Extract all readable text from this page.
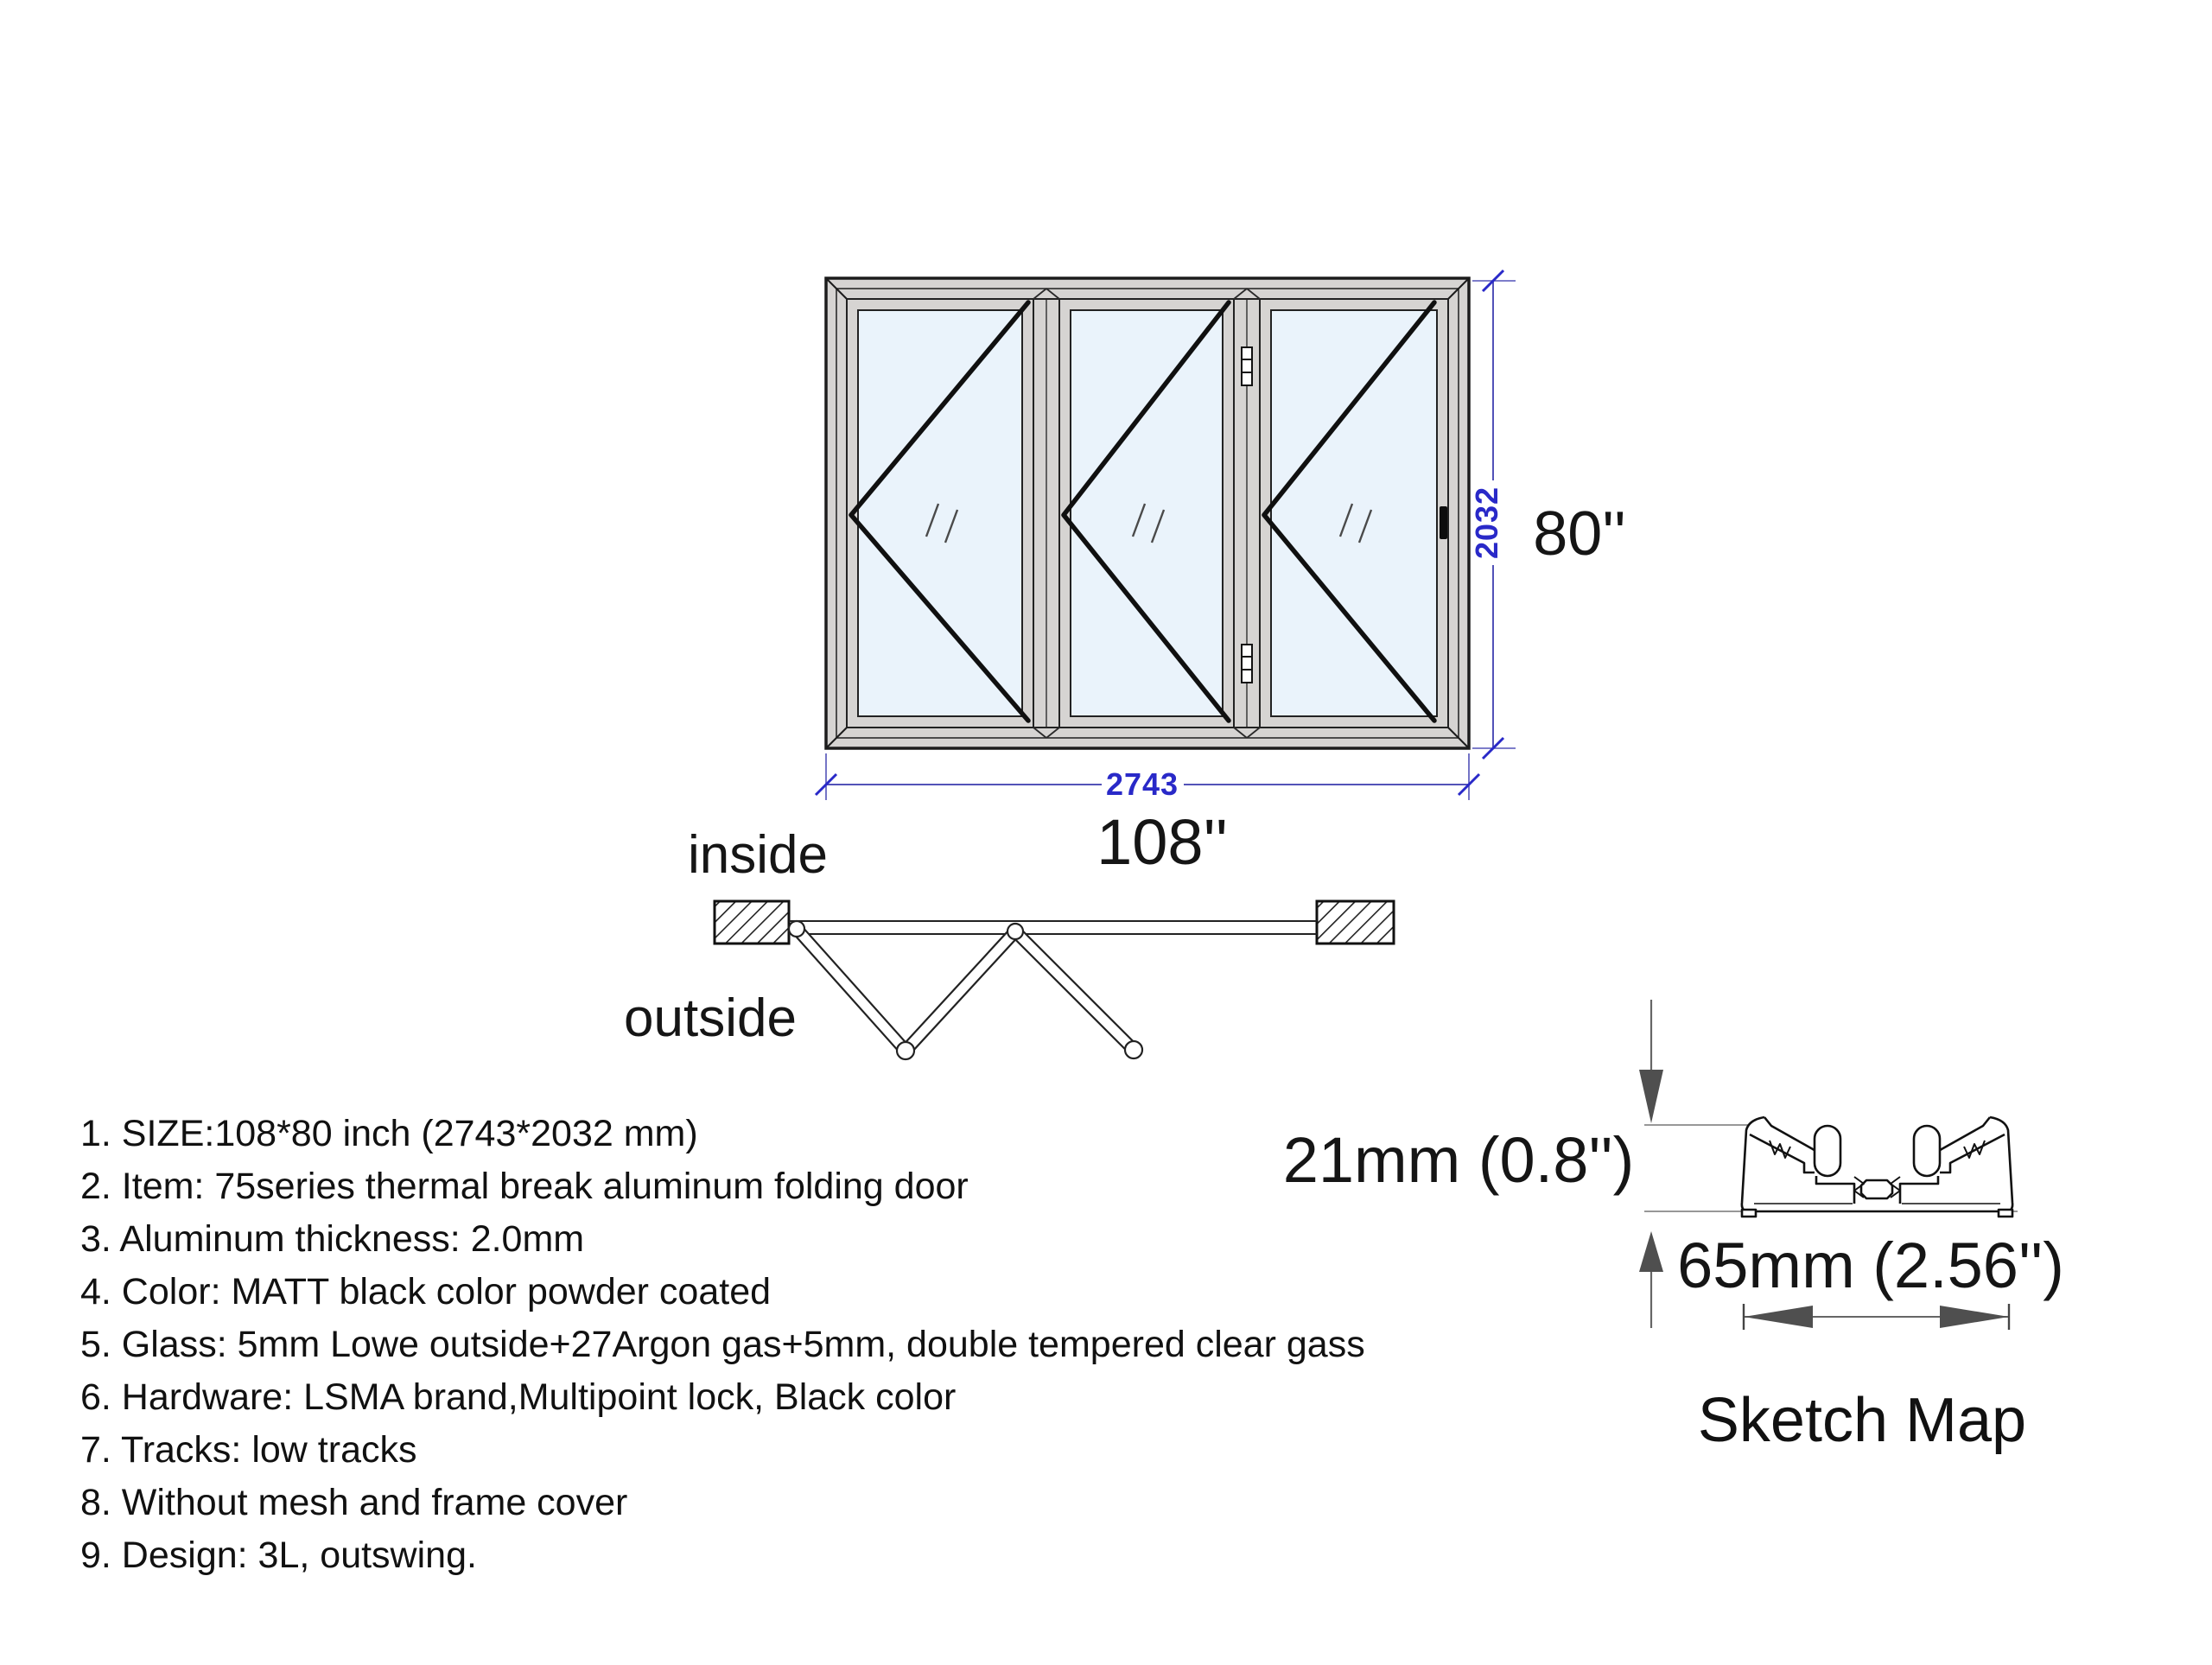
2032 80''
2743
108''
inside
outside
21mm (0.8'')
65mm (2.56'')
Sketch Map
1. SIZE:108*80 inch (2743*2032 mm)
2. Item: 75series thermal break aluminum folding door
3. Aluminum thickness: 2.0mm
4. Color: MATT black color powder coated
5. Glass: 5mm Lowe outside+27Argon gas+5mm, double tempered clear gass
6. Hardware: LSMA brand,Multipoint lock, Black color
7. Tracks: low tracks
8. Without mesh and frame cover
9. Design: 3L, outswing.
